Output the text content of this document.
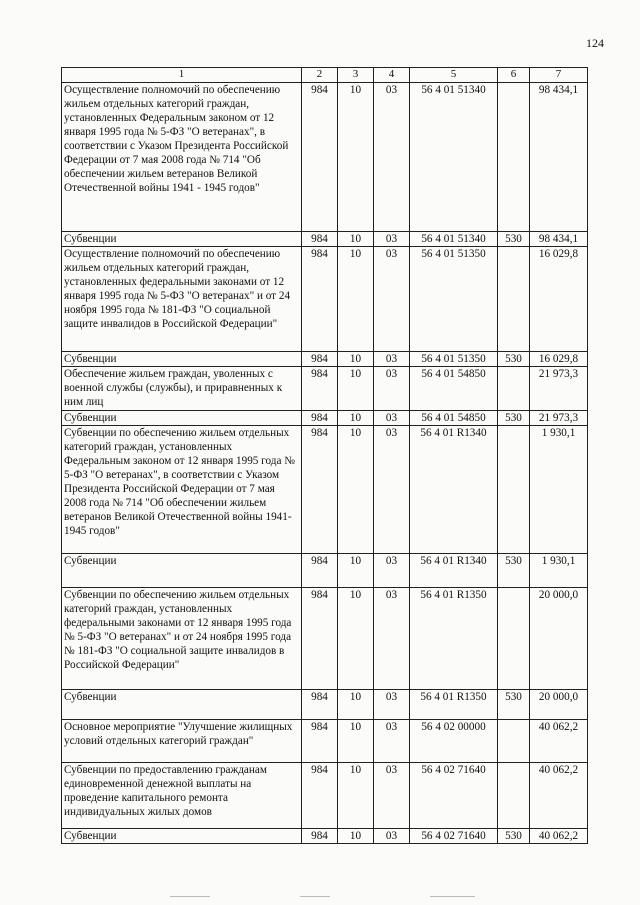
124
1	2	3	4	5	6	7
Осуществление полномочий по обеспечению жильем отдельных категорий граждан, установленных Федеральным законом от 12 января 1995 года № 5-ФЗ "О ветеранах", в соответствии с Указом Президента Российской Федерации от 7 мая 2008 года № 714 "Об обеспечении жильем ветеранов Великой Отечественной войны 1941 - 1945 годов"	984	10	03	56 4 01 51340		98 434,1
Субвенции	984	10	03	56 4 01 51340	530	98 434,1
Осуществление полномочий по обеспечению жильем отдельных категорий граждан, установленных федеральными законами от 12 января 1995 года № 5-ФЗ "О ветеранах" и от 24 ноября 1995 года № 181-ФЗ "О социальной защите инвалидов в Российской Федерации"	984	10	03	56 4 01 51350		16 029,8
Субвенции	984	10	03	56 4 01 51350	530	16 029,8
Обеспечение жильем граждан, уволенных с военной службы (службы), и приравненных к ним лиц	984	10	03	56 4 01 54850		21 973,3
Субвенции	984	10	03	56 4 01 54850	530	21 973,3
Субвенции по обеспечению жильем отдельных категорий граждан, установленных Федеральным законом от 12 января 1995 года № 5-ФЗ "О ветеранах", в соответствии с Указом Президента Российской Федерации от 7 мая 2008 года № 714 "Об обеспечении жильем ветеранов Великой Отечественной войны 1941-1945 годов"	984	10	03	56 4 01 R1340		1 930,1
Субвенции	984	10	03	56 4 01 R1340	530	1 930,1
Субвенции по обеспечению жильем отдельных категорий граждан, установленных федеральными законами от 12 января 1995 года № 5-ФЗ "О ветеранах" и от 24 ноября 1995 года № 181-ФЗ "О социальной защите инвалидов в Российской Федерации"	984	10	03	56 4 01 R1350		20 000,0
Субвенции	984	10	03	56 4 01 R1350	530	20 000,0
Основное мероприятие "Улучшение жилищных условий отдельных категорий граждан"	984	10	03	56 4 02 00000		40 062,2
Субвенции по предоставлению гражданам единовременной денежной выплаты на проведение капитального ремонта индивидуальных жилых домов	984	10	03	56 4 02 71640		40 062,2
Субвенции	984	10	03	56 4 02 71640	530	40 062,2
